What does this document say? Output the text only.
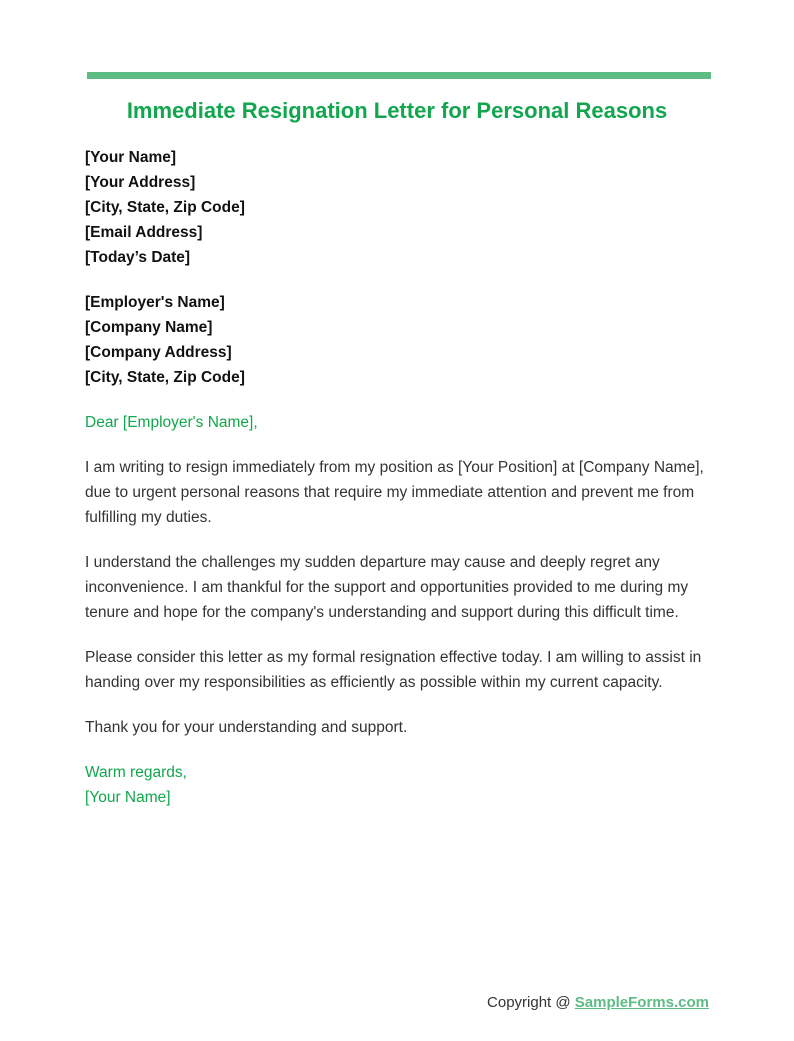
Immediate Resignation Letter for Personal Reasons
[Your Name]
[Your Address]
[City, State, Zip Code]
[Email Address]
[Today’s Date]
[Employer's Name]
[Company Name]
[Company Address]
[City, State, Zip Code]

Dear [Employer's Name],

I am writing to resign immediately from my position as [Your Position] at [Company Name], due to urgent personal reasons that require my immediate attention and prevent me from fulfilling my duties.

I understand the challenges my sudden departure may cause and deeply regret any inconvenience. I am thankful for the support and opportunities provided to me during my tenure and hope for the company's understanding and support during this difficult time.

Please consider this letter as my formal resignation effective today. I am willing to assist in handing over my responsibilities as efficiently as possible within my current capacity.

Thank you for your understanding and support.

Warm regards,
[Your Name]
Copyright @ SampleForms.com
